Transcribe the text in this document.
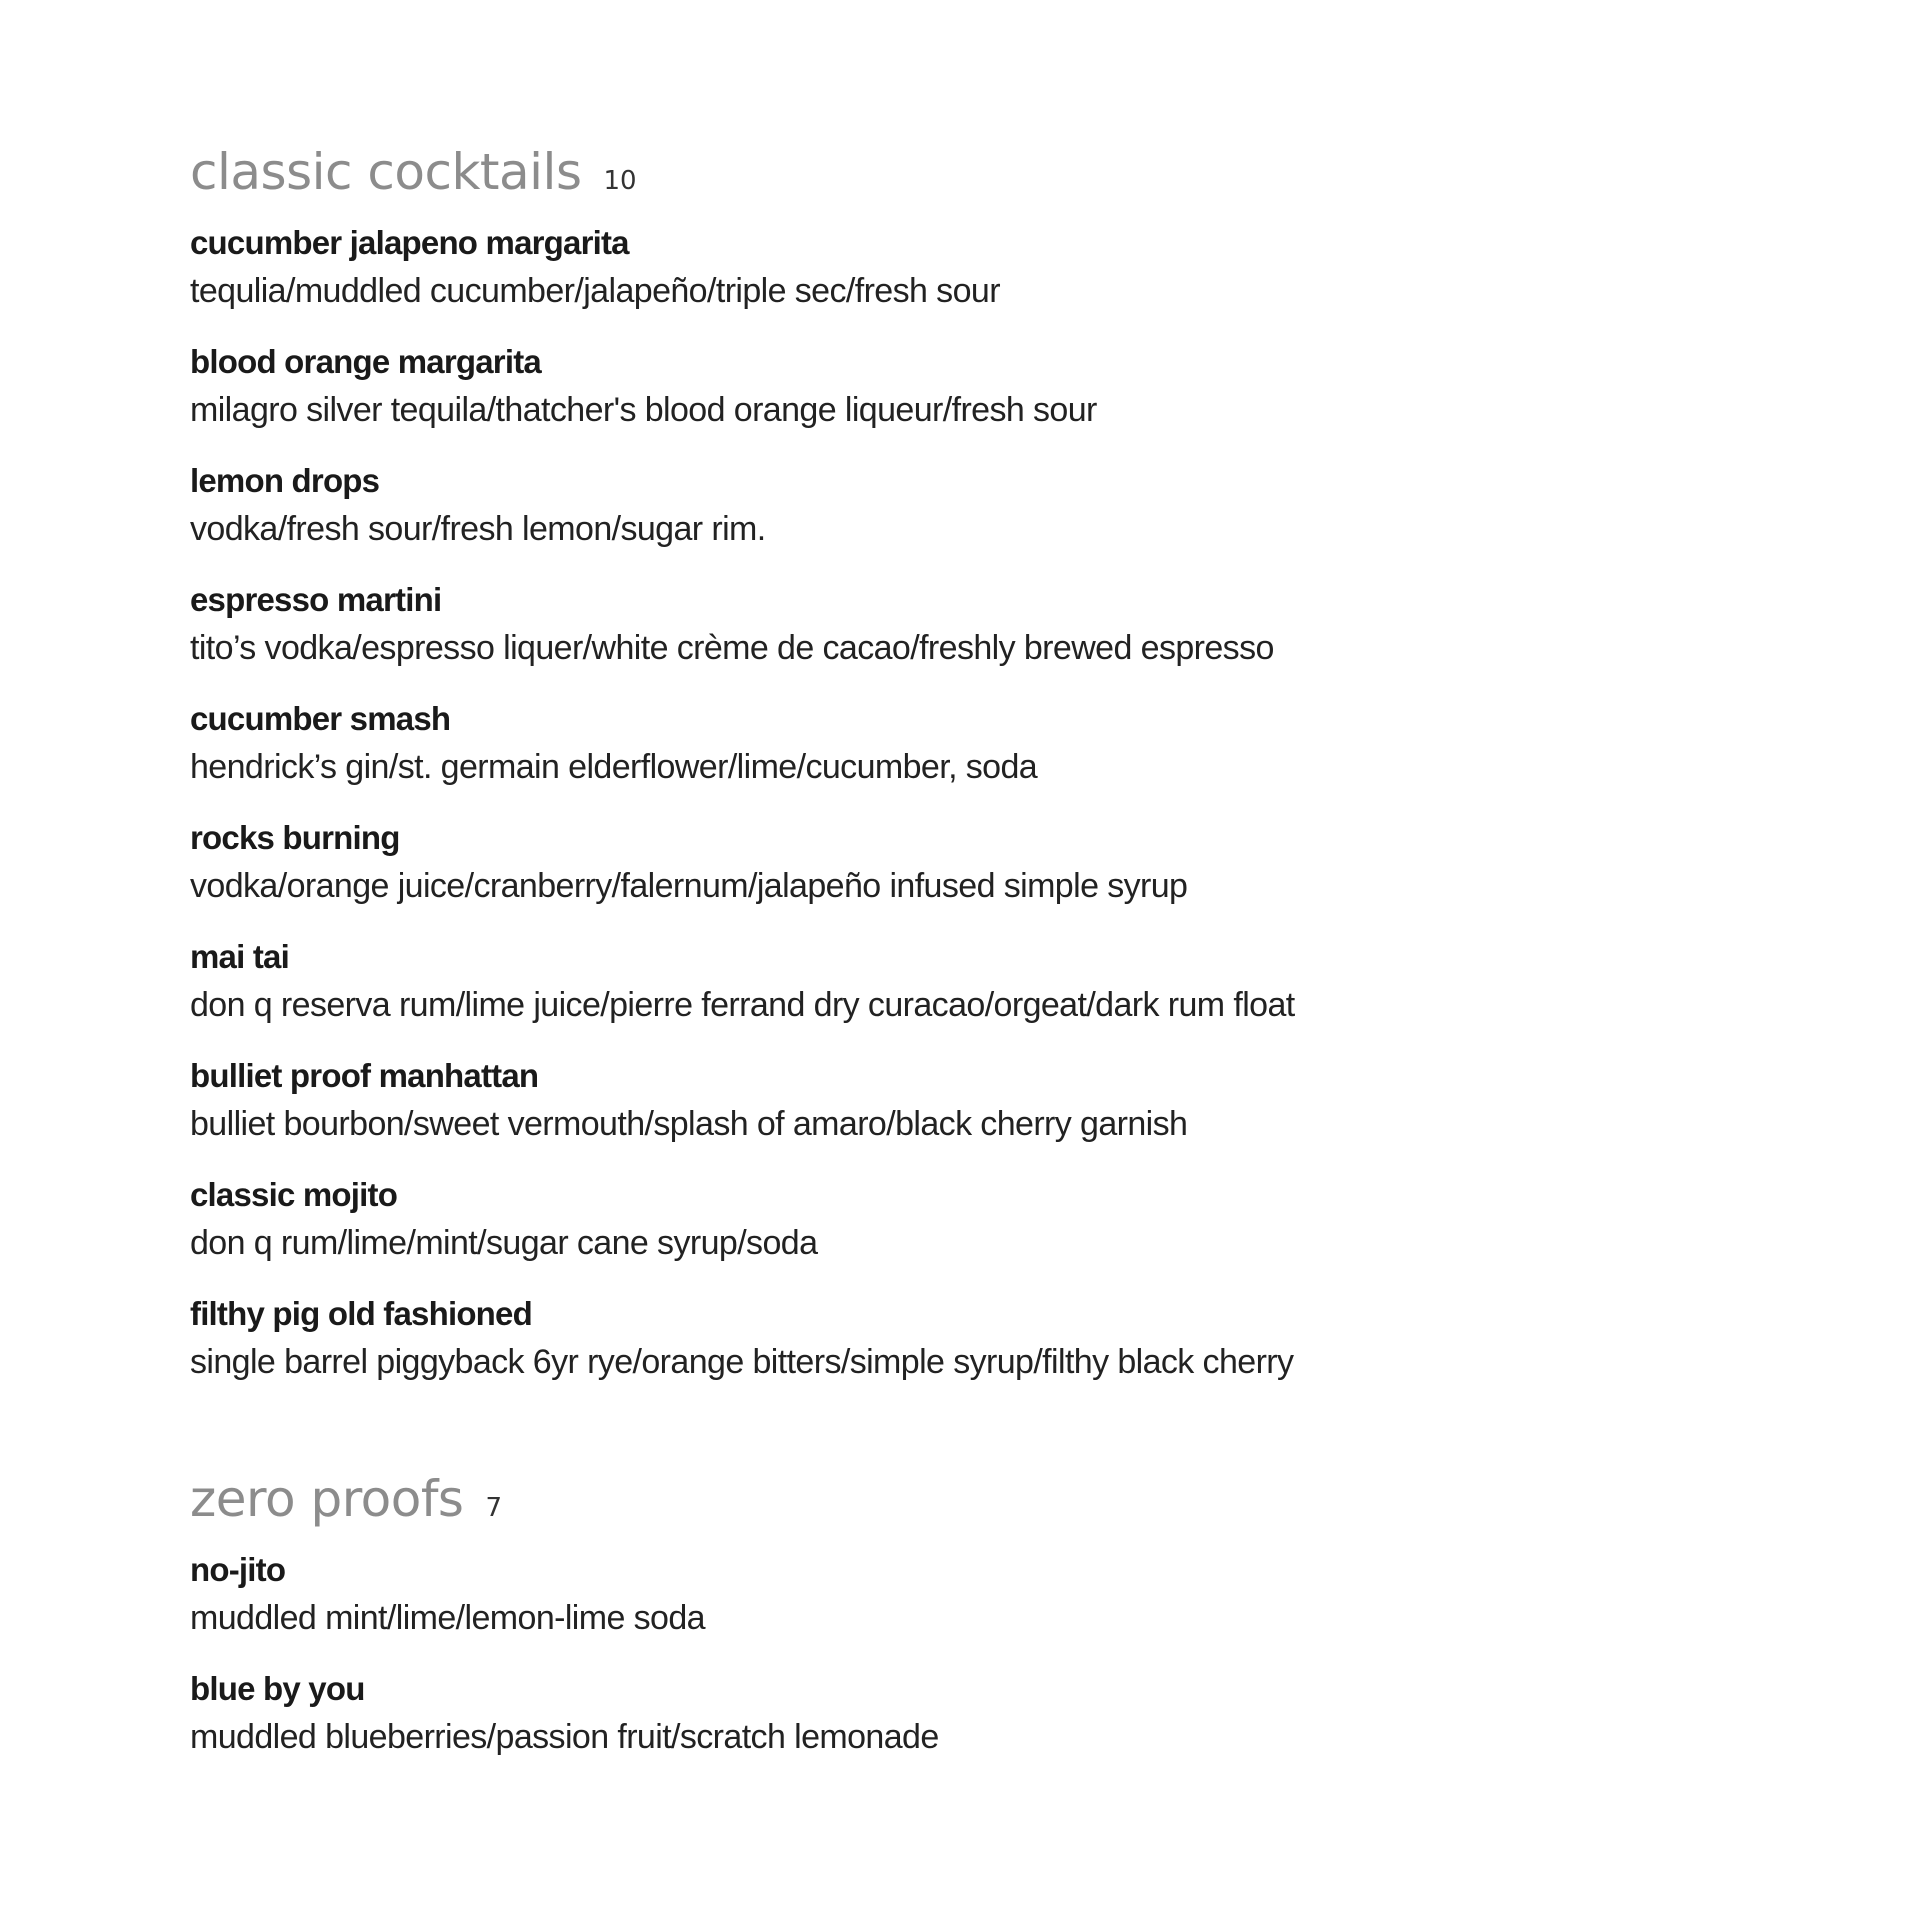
classic cocktails 10
cucumber jalapeno margarita
tequlia/muddled cucumber/jalapeño/triple sec/fresh sour
blood orange margarita
milagro silver tequila/thatcher's blood orange liqueur/fresh sour
lemon drops
vodka/fresh sour/fresh lemon/sugar rim.
espresso martini
tito’s vodka/espresso liquer/white crème de cacao/freshly brewed espresso
cucumber smash
hendrick’s gin/st. germain elderflower/lime/cucumber, soda
rocks burning
vodka/orange juice/cranberry/falernum/jalapeño infused simple syrup
mai tai
don q reserva rum/lime juice/pierre ferrand dry curacao/orgeat/dark rum float
bulliet proof manhattan
bulliet bourbon/sweet vermouth/splash of amaro/black cherry garnish
classic mojito
don q rum/lime/mint/sugar cane syrup/soda
filthy pig old fashioned
single barrel piggyback 6yr rye/orange bitters/simple syrup/filthy black cherry
zero proofs 7
no-jito
muddled mint/lime/lemon-lime soda
blue by you
muddled blueberries/passion fruit/scratch lemonade
